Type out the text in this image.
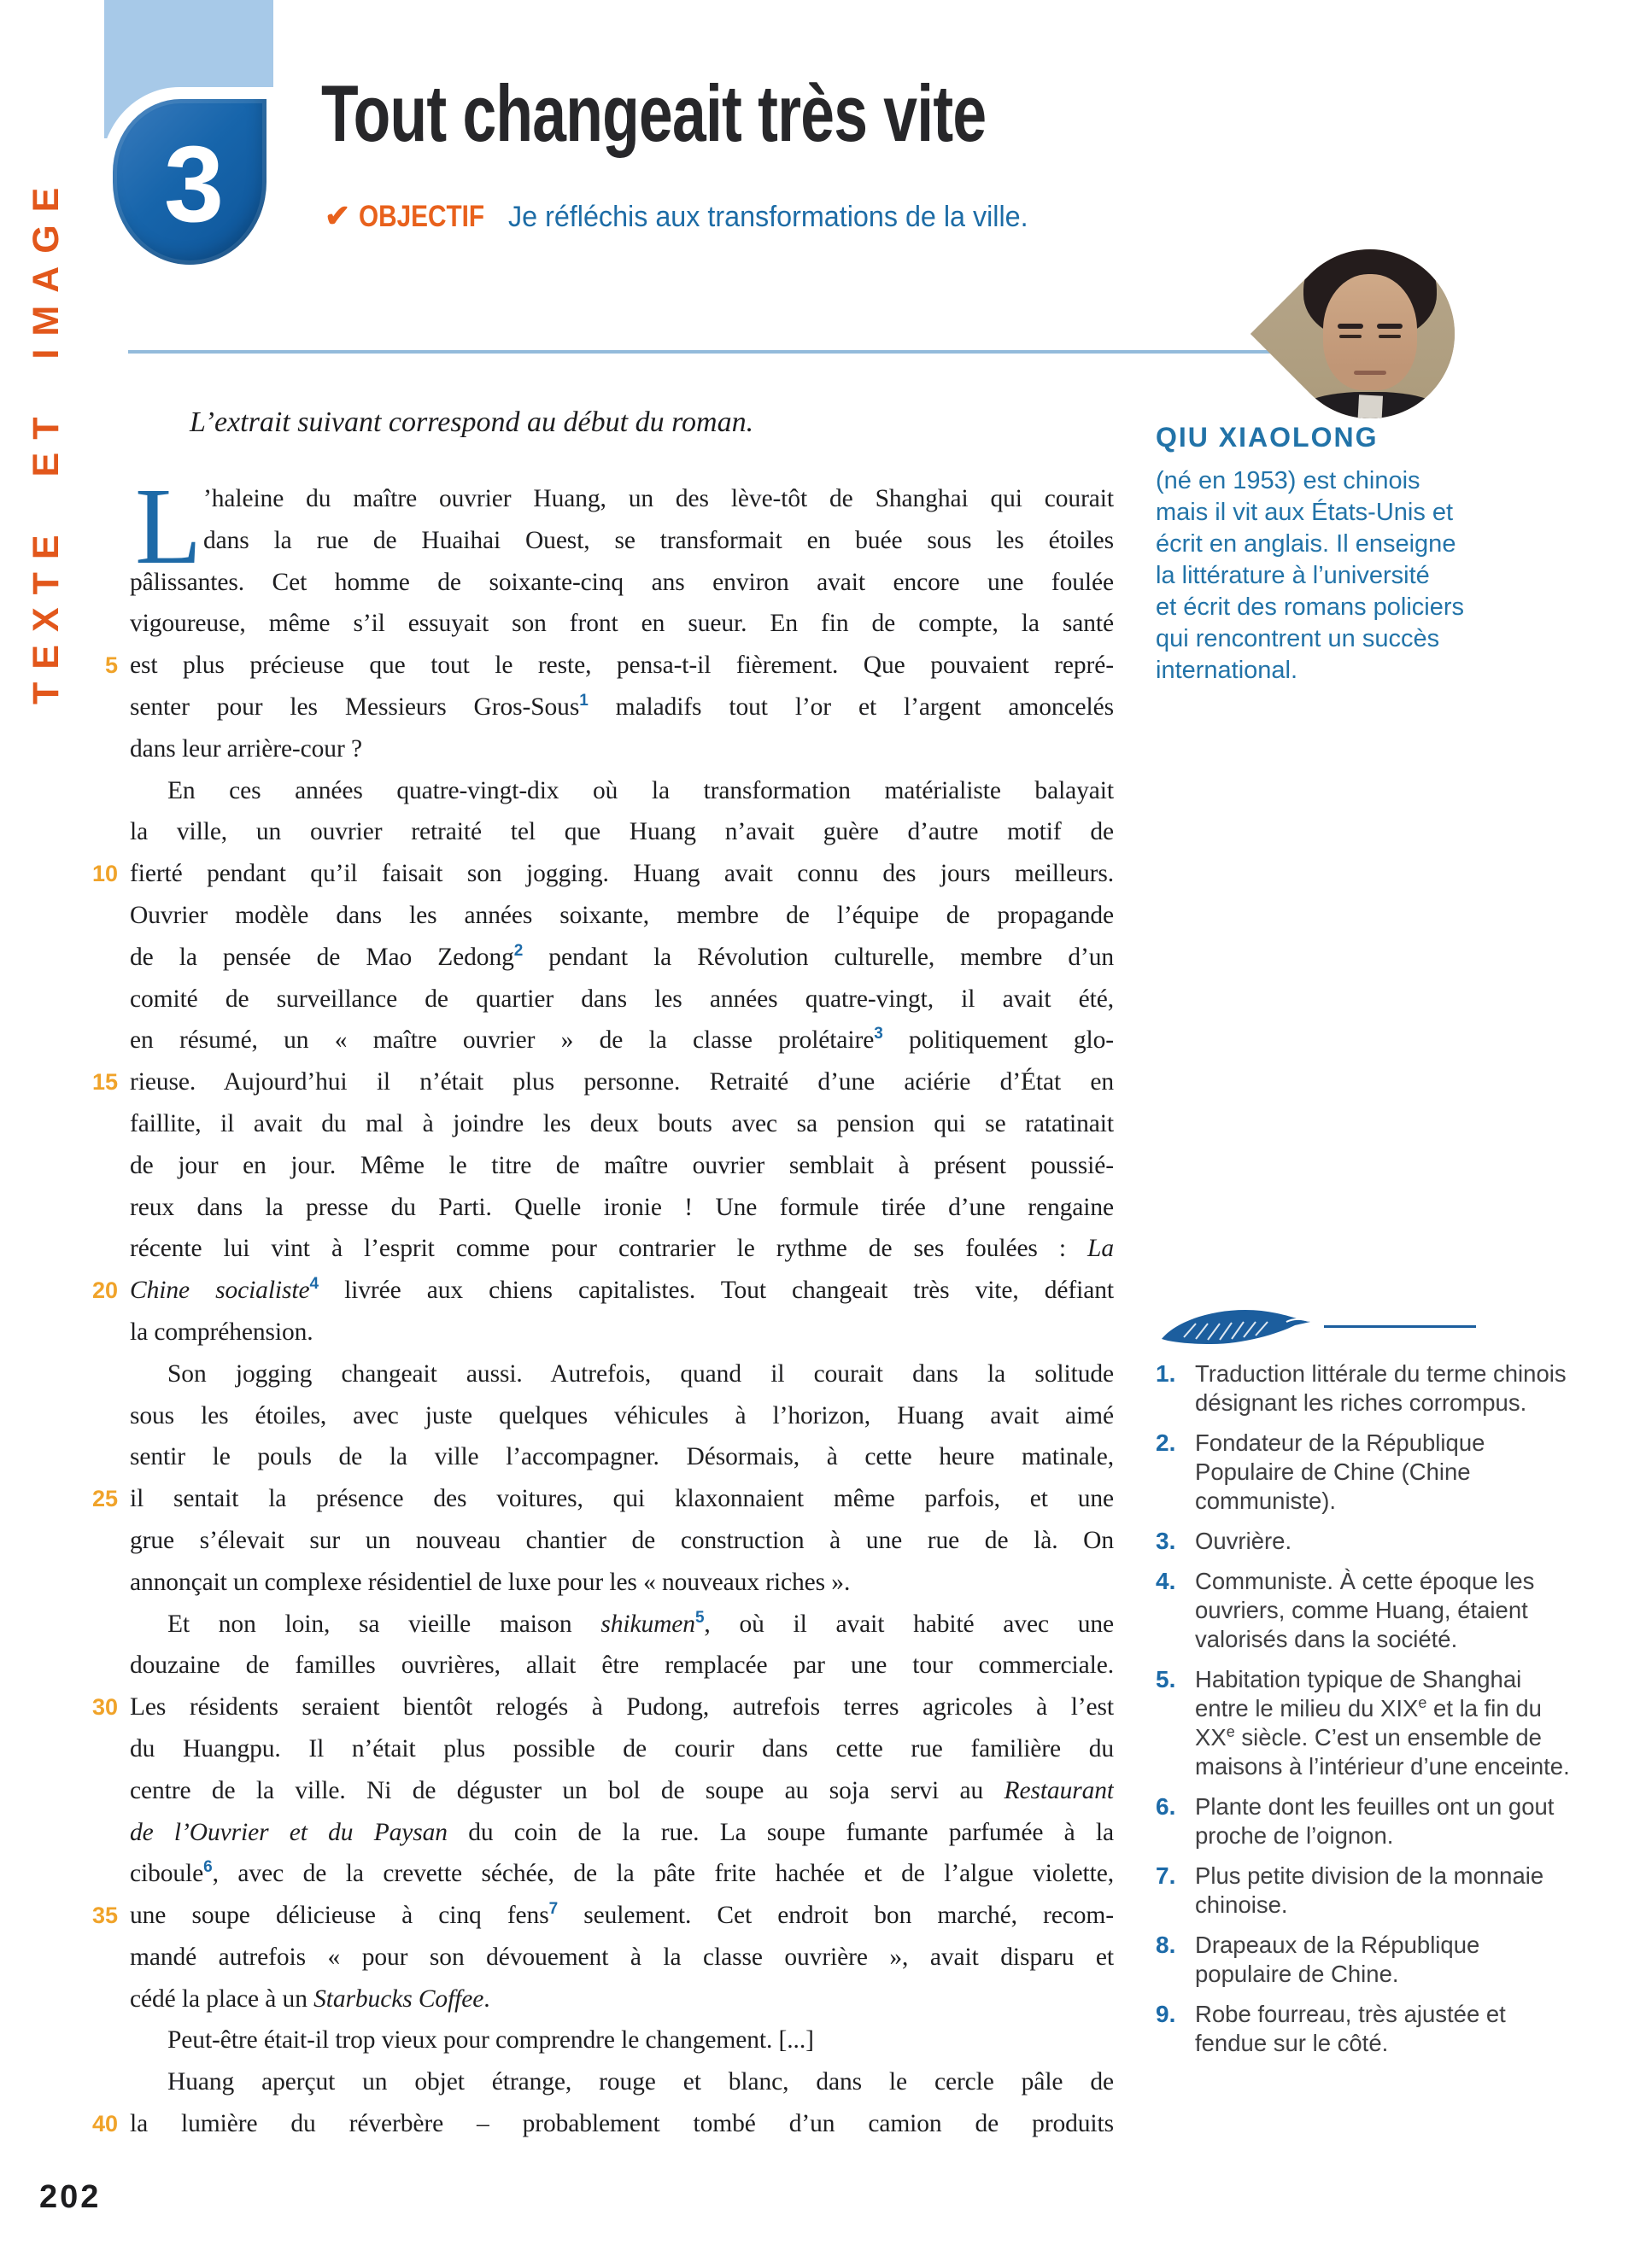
TEXTE ET IMAGE 3
Tout changeait très vite
✔ OBJECTIF Je réfléchis aux transformations de la ville.
QIU XIAOLONG
(né en 1953) est chinois
mais il vit aux États-Unis et
écrit en anglais. Il enseigne
la littérature à l’université
et écrit des romans policiers
qui rencontrent un succès
international.
L’extrait suivant correspond au début du roman.
L ’haleine du maître ouvrier Huang, un des lève-tôt de Shanghai qui courait
dans la rue de Huaihai Ouest, se transformait en buée sous les étoiles
pâlissantes. Cet homme de soixante-cinq ans environ avait encore une foulée
vigoureuse, même s’il essuyait son front en sueur. En fin de compte, la santé
5 est plus précieuse que tout le reste, pensa-t-il fièrement. Que pouvaient repré-
senter pour les Messieurs Gros-Sous$^1$ maladifs tout l’or et l’argent amoncelés
dans leur arrière-cour ?
En ces années quatre-vingt-dix où la transformation matérialiste balayait
la ville, un ouvrier retraité tel que Huang n’avait guère d’autre motif de
10 fierté pendant qu’il faisait son jogging. Huang avait connu des jours meilleurs.
Ouvrier modèle dans les années soixante, membre de l’équipe de propagande
de la pensée de Mao Zedong$^2$ pendant la Révolution culturelle, membre d’un
comité de surveillance de quartier dans les années quatre-vingt, il avait été,
en résumé, un « maître ouvrier » de la classe prolétaire$^3$ politiquement glo-
15 rieuse. Aujourd’hui il n’était plus personne. Retraité d’une aciérie d’État en
faillite, il avait du mal à joindre les deux bouts avec sa pension qui se ratatinait
de jour en jour. Même le titre de maître ouvrier semblait à présent poussié-
reux dans la presse du Parti. Quelle ironie ! Une formule tirée d’une rengaine
récente lui vint à l’esprit comme pour contrarier le rythme de ses foulées : La
20 Chine socialiste$^4$ livrée aux chiens capitalistes. Tout changeait très vite, défiant
la compréhension.
Son jogging changeait aussi. Autrefois, quand il courait dans la solitude
sous les étoiles, avec juste quelques véhicules à l’horizon, Huang avait aimé
sentir le pouls de la ville l’accompagner. Désormais, à cette heure matinale,
25 il sentait la présence des voitures, qui klaxonnaient même parfois, et une
grue s’élevait sur un nouveau chantier de construction à une rue de là. On
annonçait un complexe résidentiel de luxe pour les « nouveaux riches ».
Et non loin, sa vieille maison shikumen$^5$, où il avait habité avec une
douzaine de familles ouvrières, allait être remplacée par une tour commerciale.
30 Les résidents seraient bientôt relogés à Pudong, autrefois terres agricoles à l’est
du Huangpu. Il n’était plus possible de courir dans cette rue familière du
centre de la ville. Ni de déguster un bol de soupe au soja servi au Restaurant
de l’Ouvrier et du Paysan du coin de la rue. La soupe fumante parfumée à la
ciboule$^6$, avec de la crevette séchée, de la pâte frite hachée et de l’algue violette,
35 une soupe délicieuse à cinq fens$^7$ seulement. Cet endroit bon marché, recom-
mandé autrefois « pour son dévouement à la classe ouvrière », avait disparu et
cédé la place à un Starbucks Coffee.
Peut-être était-il trop vieux pour comprendre le changement. [...]
Huang aperçut un objet étrange, rouge et blanc, dans le cercle pâle de
40 la lumière du réverbère – probablement tombé d’un camion de produits
1. Traduction littérale du terme chinois désignant les riches corrompus.
2. Fondateur de la République Populaire de Chine (Chine communiste).
3. Ouvrière.
4. Communiste. À cette époque les ouvriers, comme Huang, étaient valorisés dans la société.
5. Habitation typique de Shanghai entre le milieu du XIXe et la fin du XXe siècle. C’est un ensemble de maisons à l’intérieur d’une enceinte.
6. Plante dont les feuilles ont un gout proche de l’oignon.
7. Plus petite division de la monnaie chinoise.
8. Drapeaux de la République populaire de Chine.
9. Robe fourreau, très ajustée et fendue sur le côté.
202
